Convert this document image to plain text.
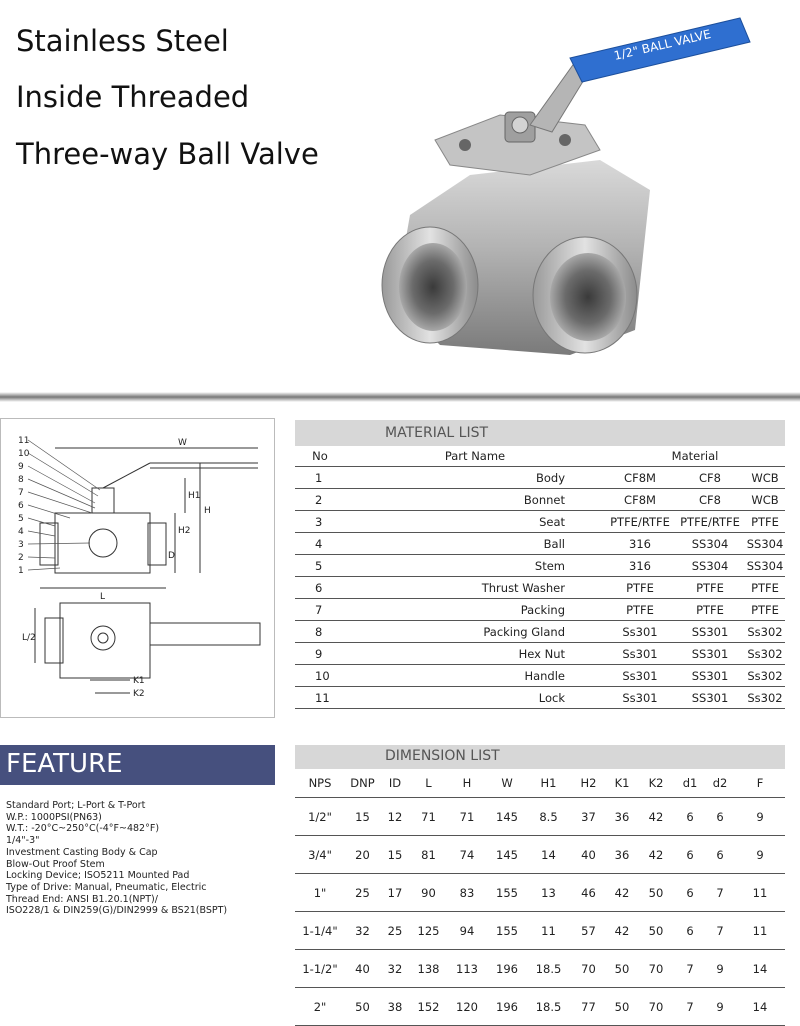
Stainless Steel
Inside Threaded
Three-way Ball Valve
1/2" BALL VALVE
11
10
9
8
7
6
5
4
3
2
1
W
H
H1
H2
D
L
L/2
K1
K2
MATERIAL LIST
No	Part Name	Material		
1	Body	CF8M	CF8	WCB
2	Bonnet	CF8M	CF8	WCB
3	Seat	PTFE/RTFE	PTFE/RTFE	PTFE
4	Ball	316	SS304	SS304
5	Stem	316	SS304	SS304
6	Thrust Washer	PTFE	PTFE	PTFE
7	Packing	PTFE	PTFE	PTFE
8	Packing Gland	Ss301	SS301	Ss302
9	Hex Nut	Ss301	SS301	Ss302
10	Handle	Ss301	SS301	Ss302
11	Lock	Ss301	SS301	Ss302
FEATURE
Standard Port; L-Port & T-Port
W.P.: 1000PSI(PN63)
W.T.: -20°C~250°C(-4°F~482°F)
1/4"-3"
Investment Casting Body & Cap
Blow-Out Proof Stem
Locking Device; ISO5211 Mounted Pad
Type of Drive: Manual, Pneumatic, Electric
Thread End: ANSI B1.20.1(NPT)/
ISO228/1 & DIN259(G)/DIN2999 & BS21(BSPT)
DIMENSION LIST
NPS	DNP	ID	L	H	W	H1	H2	K1	K2	d1	d2	F
1/2"	15	12	71	71	145	8.5	37	36	42	6	6	9
3/4"	20	15	81	74	145	14	40	36	42	6	6	9
1"	25	17	90	83	155	13	46	42	50	6	7	11
1-1/4"	32	25	125	94	155	11	57	42	50	6	7	11
1-1/2"	40	32	138	113	196	18.5	70	50	70	7	9	14
2"	50	38	152	120	196	18.5	77	50	70	7	9	14
